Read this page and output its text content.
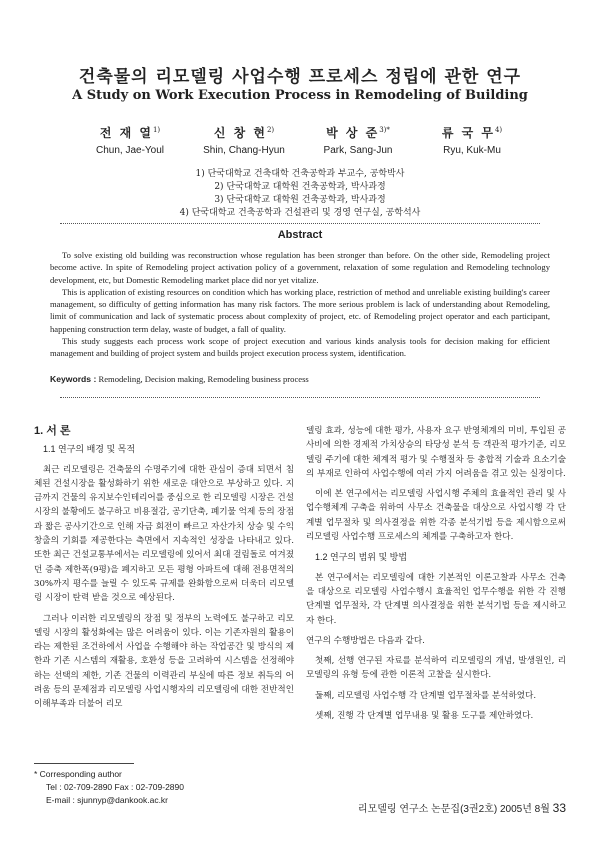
건축물의 리모델링 사업수행 프로세스 정립에 관한 연구
A Study on Work Execution Process in Remodeling of Building
전 재 열$^{1)}$
Chun, Jae-Youl
신 창 현$^{2)}$
Shin, Chang-Hyun
박 상 준$^{3)*}$
Park, Sang-Jun
류 국 무$^{4)}$
Ryu, Kuk-Mu
1) 단국대학교 건축대학 건축공학과 부교수, 공학박사
2) 단국대학교 대학원 건축공학과, 박사과정
3) 단국대학교 대학원 건축공학과, 박사과정
4) 단국대학교 건축공학과 건설관리 및 경영 연구실, 공학석사
Abstract

To solve existing old building was reconstruction whose regulation has been stronger than before. On the other side, Remodeling project become active. In spite of Remodeling project activation policy of a government, relaxation of some regulation and Remodeling technology development, etc, but Domestic Remodeling market place did nor yet vitalize.

This is application of existing resources on condition which has working place, restriction of method and unreliable existing building's career management, so difficulty of getting information has many risk factors. The more serious problem is lack of understanding about Remodeling, limit of communication and lack of systematic process about complexity of project, etc. of Remodeling project operator and each participant, happening construction term delay, waste of budget, a fall of quality.

This study suggests each process work scope of project execution and various kinds analysis tools for decision making for efficient management and building of project system and builds project execution process system, identification.

Keywords : Remodeling, Decision making, Remodeling business process
1. 서 론
1.1 연구의 배경 및 목적

최근 리모델링은 건축물의 수명주기에 대한 관심이 증대 되면서 침체된 건설시장을 활성화하기 위한 새로운 대안으로 부상하고 있다. 지금까지 건물의 유지보수인테리어를 중심으로 한 리모델링 시장은 건설시장의 불황에도 불구하고 비용절감, 공기단축, 폐기물 억제 등의 장점과 짧은 공사기간으로 인해 자금 회전이 빠르고 자산가치 상승 및 수익창출의 기회를 제공한다는 측면에서 지속적인 성장을 나타내고 있다. 또한 최근 건설교통부에서는 리모델링에 있어서 최대 걸림돌로 여겨졌던 증축 제한폭(9평)을 폐지하고 모든 평형 아파트에 대해 전용면적의 30%까지 평수를 늘릴 수 있도록 규제를 완화함으로써 더욱더 리모델링 시장이 탄력 받을 것으로 예상된다.

그러나 이러한 리모델링의 장점 및 정부의 노력에도 불구하고 리모델링 시장의 활성화에는 많은 어려움이 있다. 이는 기존자원의 활용이라는 제한된 조건하에서 사업을 수행해야 하는 작업공간 및 방식의 제한과 기존 시스템의 재활용, 호환성 등을 고려하여 시스템을 선정해야 하는 선택의 제한, 기존 건물의 이력관리 부실에 따른 정보 취득의 어려움 등의 문제점과 리모델링 사업시행자의 리모델링에 대한 전반적인 이해부족과 더불어 리모

델링 효과, 성능에 대한 평가, 사용자 요구 반영체계의 미비, 투입된 공사비에 의한 경제적 가치상승의 타당성 분석 등 객관적 평가기준, 리모델링 주기에 대한 체계적 평가 및 수행절차 등 총합적 기술과 요소기술의 부재로 인하여 사업수행에 여러 가지 어려움을 겪고 있는 실정이다.

이에 본 연구에서는 리모델링 사업시행 주체의 효율적인 관리 및 사업수행체계 구축을 위하여 사무소 건축물을 대상으로 사업시행 각 단계별 업무절차 및 의사결정을 위한 각종 분석기법 등을 제시함으로써 리모델링 사업수행 프로세스의 체계를 구축하고자 한다.

1.2 연구의 범위 및 방법

본 연구에서는 리모델링에 대한 기본적인 이론고찰과 사무소 건축을 대상으로 리모델링 사업수행시 효율적인 업무수행을 위한 각 진행단계별 업무절차, 각 단계별 의사결정을 위한 분석기법 등을 제시하고자 한다.

연구의 수행방법은 다음과 같다.

첫째, 선행 연구된 자료를 분석하여 리모델링의 개념, 발생원인, 리모델링의 유형 등에 관한 이론적 고찰을 실시한다.

둘째, 리모델링 사업수행 각 단계별 업무절차를 분석하였다.

셋째, 진행 각 단계별 업무내용 및 활용 도구를 제안하였다.

* Corresponding author
Tel : 02-709-2890 Fax : 02-709-2890
E-mail : sjunnyp@dankook.ac.kr
리모델링 연구소 논문집(3권2호) 2005년 8월 33
